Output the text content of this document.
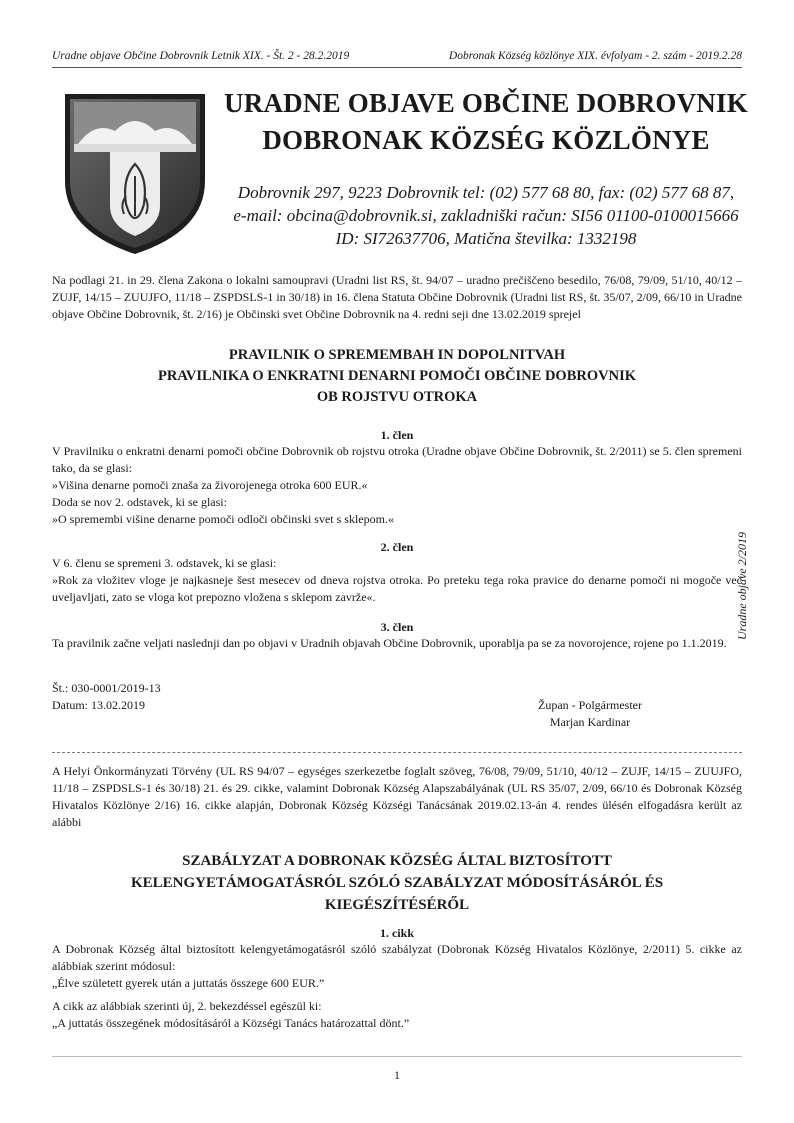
Uradne objave Občine Dobrovnik Letnik XIX. - Št. 2 - 28.2.2019	Dobronak Község közlönye XIX. évfolyam - 2. szám - 2019.2.28
URADNE OBJAVE OBČINE DOBROVNIK
DOBRONAK KÖZSÉG KÖZLÖNYE
Dobrovnik 297, 9223 Dobrovnik tel: (02) 577 68 80, fax: (02) 577 68 87,
e-mail: obcina@dobrovnik.si, zakladniški račun: SI56 01100-0100015666
ID: SI72637706, Matična številka: 1332198
Na podlagi 21. in 29. člena Zakona o lokalni samoupravi (Uradni list RS, št. 94/07 – uradno prečiščeno besedilo, 76/08, 79/09, 51/10, 40/12 – ZUJF, 14/15 – ZUUJFO, 11/18 – ZSPDSLS-1 in 30/18) in 16. člena Statuta Občine Dobrovnik (Uradni list RS, št. 35/07, 2/09, 66/10 in Uradne objave Občine Dobrovnik, št. 2/16) je Občinski svet Občine Dobrovnik na 4. redni seji dne 13.02.2019 sprejel
PRAVILNIK O SPREMEMBAH IN DOPOLNITVAH
PRAVILNIKA O ENKRATNI DENARNI POMOČI OBČINE DOBROVNIK
OB ROJSTVU OTROKA
1. člen

V Pravilniku o enkratni denarni pomoči občine Dobrovnik ob rojstvu otroka (Uradne objave Občine Dobrovnik, št. 2/2011) se 5. člen spremeni tako, da se glasi:

»Višina denarne pomoči znaša za živorojenega otroka 600 EUR.«

Doda se nov 2. odstavek, ki se glasi:

»O spremembi višine denarne pomoči odloči občinski svet s sklepom.«

2. člen

V 6. členu se spremeni 3. odstavek, ki se glasi:

»Rok za vložitev vloge je najkasneje šest mesecev od dneva rojstva otroka. Po preteku tega roka pravice do denarne pomoči ni mogoče več uveljavljati, zato se vloga kot prepozno vložena s sklepom zavrže«.

3. člen
Ta pravilnik začne veljati naslednji dan po objavi v Uradnih objavah Občine Dobrovnik, uporablja pa se za novorojence, rojene po 1.1.2019.

Št.: 030-0001/2019-13

Datum: 13.02.2019	Župan - Polgármester
Marjan Kardinar
Uradne objave 2/2019
A Helyi Önkormányzati Törvény (UL RS 94/07 – egységes szerkezetbe foglalt szöveg, 76/08, 79/09, 51/10, 40/12 – ZUJF, 14/15 – ZUUJFO, 11/18 – ZSPDSLS-1 és 30/18) 21. és 29. cikke, valamint Dobronak Község Alapszabályának (UL RS 35/07, 2/09, 66/10 és Dobronak Község Hivatalos Közlönye 2/16) 16. cikke alapján, Dobronak Község Községi Tanácsának 2019.02.13-án 4. rendes ülésén elfogadásra került az alábbi
SZABÁLYZAT A DOBRONAK KÖZSÉG ÁLTAL BIZTOSÍTOTT
KELENGYETÁMOGATÁSRÓL SZÓLÓ SZABÁLYZAT MÓDOSÍTÁSÁRÓL ÉS
KIEGÉSZÍTÉSÉRŐL
1. cikk

A Dobronak Község által biztosított kelengyetámogatásról szóló szabályzat (Dobronak Község Hivatalos Közlönye, 2/2011) 5. cikke az alábbiak szerint módosul:

„Élve született gyerek után a juttatás összege 600 EUR.”

A cikk az alábbiak szerinti új, 2. bekezdéssel egészül ki:

„A juttatás összegének módosításáról a Községi Tanács határozattal dönt.”

1
